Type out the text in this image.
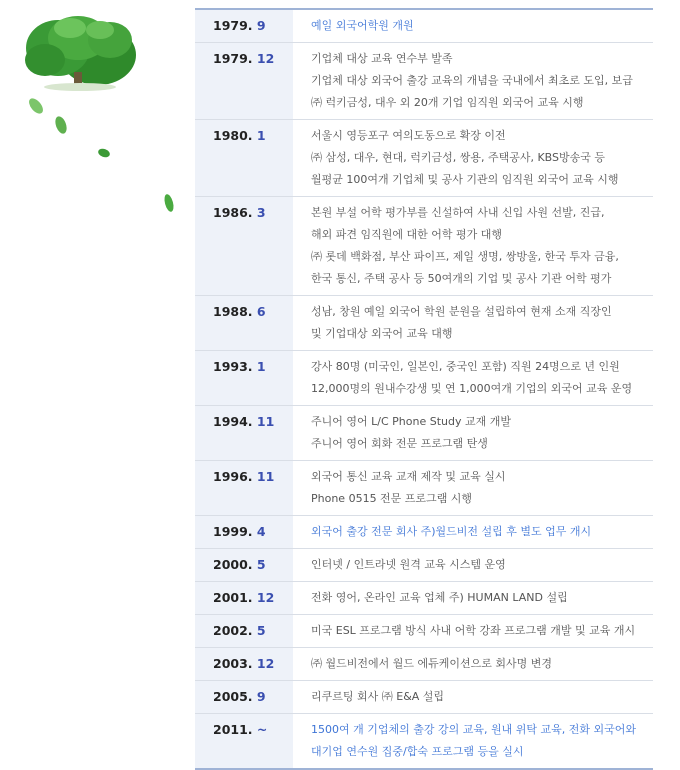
1979. 9	예일 외국어학원 개원
1979. 12	기업체 대상 교육 연수부 발족
기업체 대상 외국어 출강 교육의 개념을 국내에서 최초로 도입, 보급
㈜ 럭키금성, 대우 외 20개 기업 임직원 외국어 교육 시행
1980. 1	서울시 영등포구 여의도동으로 확장 이전
㈜ 삼성, 대우, 현대, 럭키금성, 쌍용, 주택공사, KBS방송국 등
월평균 100여개 기업체 및 공사 기관의 임직원 외국어 교육 시행
1986. 3	본원 부설 어학 평가부를 신설하여 사내 신입 사원 선발, 진급,
해외 파견 임직원에 대한 어학 평가 대행
㈜ 롯데 백화점, 부산 파이프, 제일 생명, 쌍방울, 한국 투자 금융,
한국 통신, 주택 공사 등 50여개의 기업 및 공사 기관 어학 평가
1988. 6	성남, 창원 예일 외국어 학원 분원을 설립하여 현재 소재 직장인
및 기업대상 외국어 교육 대행
1993. 1	강사 80명 (미국인, 일본인, 중국인 포함) 직원 24명으로 년 인원
12,000명의 원내수강생 및 연 1,000여개 기업의 외국어 교육 운영
1994. 11	주니어 영어 L/C Phone Study 교재 개발
주니어 영어 회화 전문 프로그램 탄생
1996. 11	외국어 통신 교육 교재 제작 및 교육 실시
Phone 0515 전문 프로그램 시행
1999. 4	외국어 출강 전문 회사 주)월드비전 설립 후 별도 업무 개시
2000. 5	인터넷 / 인트라넷 원격 교육 시스템 운영
2001. 12	전화 영어, 온라인 교육 업체 주) HUMAN LAND 설립
2002. 5	미국 ESL 프로그램 방식 사내 어학 강좌 프로그램 개발 및 교육 개시
2003. 12	㈜ 월드비전에서 월드 에듀케이션으로 회사명 변경
2005. 9	리쿠르팅 회사 ㈜ E&A 설립
2011. ~	1500여 개 기업체의 출강 강의 교육, 원내 위탁 교육, 전화 외국어와
대기업 연수원 집중/합숙 프로그램 등을 실시
